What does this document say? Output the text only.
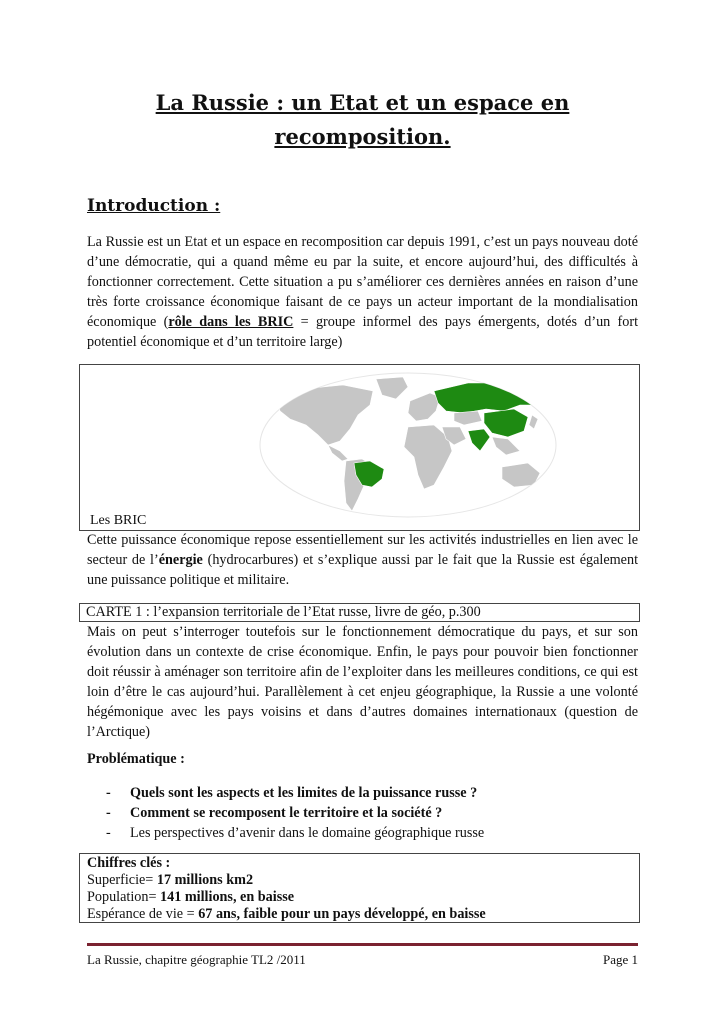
La Russie : un Etat et un espace en
recomposition.
Introduction :
La Russie est un Etat et un espace en recomposition car depuis 1991, c’est un pays nouveau doté d’une démocratie, qui a quand même eu par la suite, et encore aujourd’hui, des difficultés à fonctionner correctement. Cette situation a pu s’améliorer ces dernières années en raison d’une très forte croissance économique faisant de ce pays un acteur important de la mondialisation économique (rôle dans les BRIC = groupe informel des pays émergents, dotés d’un fort potentiel économique et d’un territoire large)
Les BRIC
Cette puissance économique repose essentiellement sur les activités industrielles en lien avec le secteur de l’énergie (hydrocarbures) et s’explique aussi par le fait que la Russie est également une puissance politique et militaire.
CARTE 1 : l’expansion territoriale de l’Etat russe, livre de géo, p.300
Mais on peut s’interroger toutefois sur le fonctionnement démocratique du pays, et sur son évolution dans un contexte de crise économique. Enfin, le pays pour pouvoir bien fonctionner doit réussir à aménager son territoire afin de l’exploiter dans les meilleures conditions, ce qui est loin d’être le cas aujourd’hui. Parallèlement à cet enjeu géographique, la Russie a une volonté hégémonique avec les pays voisins et dans d’autres domaines internationaux (question de l’Arctique)
Problématique :
- Quels sont les aspects et les limites de la puissance russe ?
- Comment se recomposent le territoire et la société ?
- Les perspectives d’avenir dans le domaine géographique russe
Chiffres clés :
Superficie= 17 millions km2
Population= 141 millions, en baisse
Espérance de vie = 67 ans, faible pour un pays développé, en baisse
La Russie, chapitre géographie TL2 /2011	Page 1
